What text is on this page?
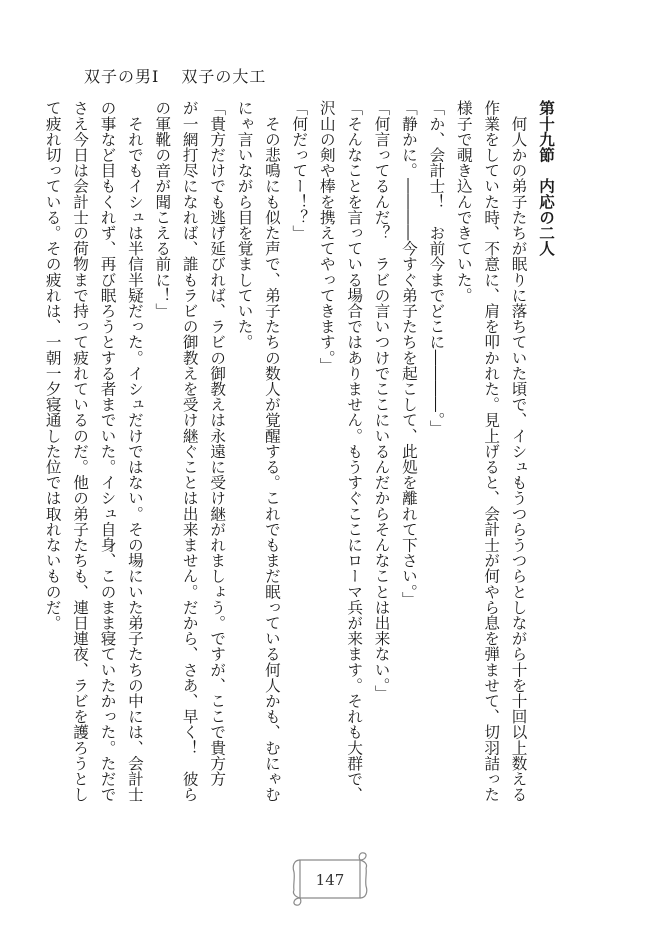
双子の男Ⅰ 双子の大工

第十九節　内応の二人

　何人かの弟子たちが眠りに落ちていた頃で、イシュもうつらうつらとしながら十を十回以上数える

作業をしていた時、不意に、肩を叩かれた。見上げると、会計士が何やら息を弾ませて、切羽詰った

様子で覗き込んできていた。

「か、会計士！　お前今までどこに――――。」

「静かに。――――今すぐ弟子たちを起こして、此処を離れて下さい。」

「何言ってるんだ？　ラビの言いつけでここにいるんだからそんなことは出来ない。」

「そんなことを言っている場合ではありません。もうすぐここにローマ兵が来ます。それも大群で、

沢山の剣や棒を携えてやってきます。」

「何だってー！？」

　その悲鳴にも似た声で、弟子たちの数人が覚醒する。これでもまだ眠っている何人かも、むにゃむ

にゃ言いながら目を覚ましていた。

「貴方だけでも逃げ延びれば、ラビの御教えは永遠に受け継がれましょう。ですが、ここで貴方方

が一網打尽になれば、誰もラビの御教えを受け継ぐことは出来ません。だから、さあ、早く！　彼ら

の軍靴の音が聞こえる前に！」

　それでもイシュは半信半疑だった。イシュだけではない。その場にいた弟子たちの中には、会計士

の事など目もくれず、再び眠ろうとする者までいた。イシュ自身、このまま寝ていたかった。ただで

さえ今日は会計士の荷物まで持って疲れているのだ。他の弟子たちも、連日連夜、ラビを護ろうとし

て疲れ切っている。その疲れは、一朝一夕寝通した位では取れないものだ。

147
